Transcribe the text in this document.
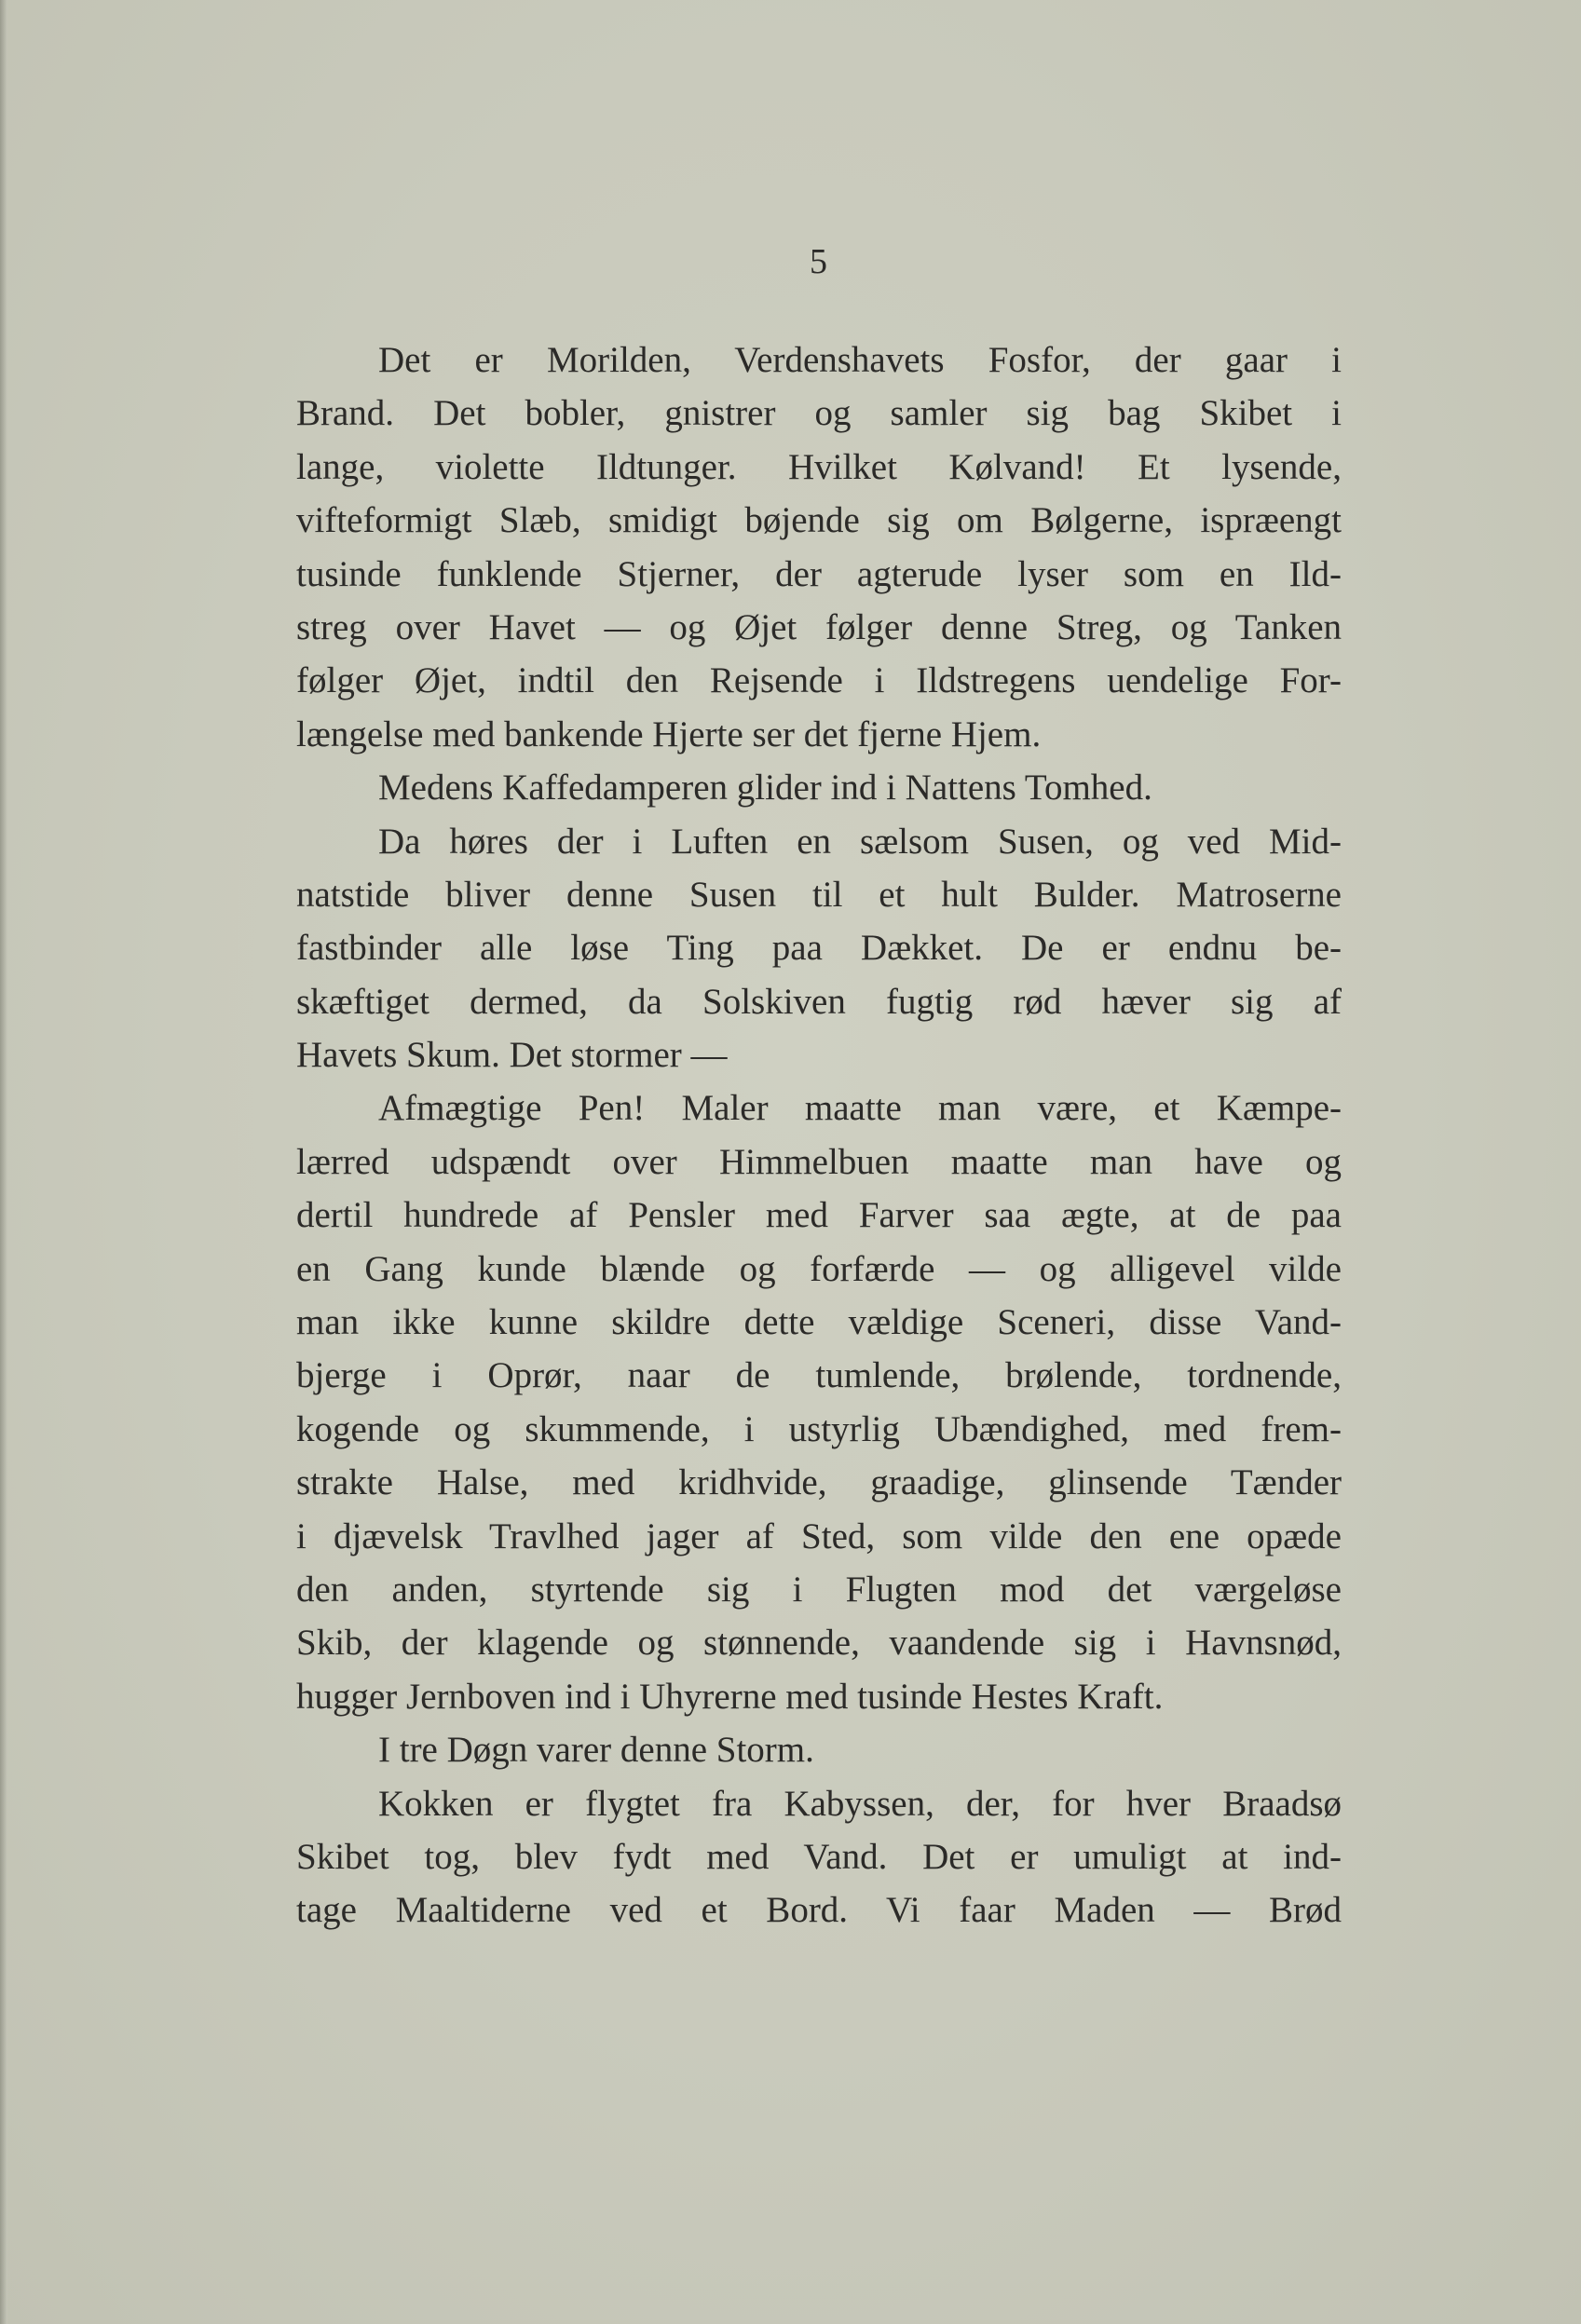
5
Det er Morilden, Verdenshavets Fosfor, der gaar i
Brand. Det bobler, gnistrer og samler sig bag Skibet i
lange, violette Ildtunger. Hvilket Kølvand! Et lysende,
vifteformigt Slæb, smidigt bøjende sig om Bølgerne, ispræengt
tusinde funklende Stjerner, der agterude lyser som en Ild-
streg over Havet — og Øjet følger denne Streg, og Tanken
følger Øjet, indtil den Rejsende i Ildstregens uendelige For-
længelse med bankende Hjerte ser det fjerne Hjem.
Medens Kaffedamperen glider ind i Nattens Tomhed.
Da høres der i Luften en sælsom Susen, og ved Mid-
natstide bliver denne Susen til et hult Bulder. Matroserne
fastbinder alle løse Ting paa Dækket. De er endnu be-
skæftiget dermed, da Solskiven fugtig rød hæver sig af
Havets Skum. Det stormer —
Afmægtige Pen! Maler maatte man være, et Kæmpe-
lærred udspændt over Himmelbuen maatte man have og
dertil hundrede af Pensler med Farver saa ægte, at de paa
en Gang kunde blænde og forfærde — og alligevel vilde
man ikke kunne skildre dette vældige Sceneri, disse Vand-
bjerge i Oprør, naar de tumlende, brølende, tordnende,
kogende og skummende, i ustyrlig Ubændighed, med frem-
strakte Halse, med kridhvide, graadige, glinsende Tænder
i djævelsk Travlhed jager af Sted, som vilde den ene opæde
den anden, styrtende sig i Flugten mod det værgeløse
Skib, der klagende og stønnende, vaandende sig i Havnsnød,
hugger Jernboven ind i Uhyrerne med tusinde Hestes Kraft.
I tre Døgn varer denne Storm.
Kokken er flygtet fra Kabyssen, der, for hver Braadsø
Skibet tog, blev fydt med Vand. Det er umuligt at ind-
tage Maaltiderne ved et Bord. Vi faar Maden — Brød
